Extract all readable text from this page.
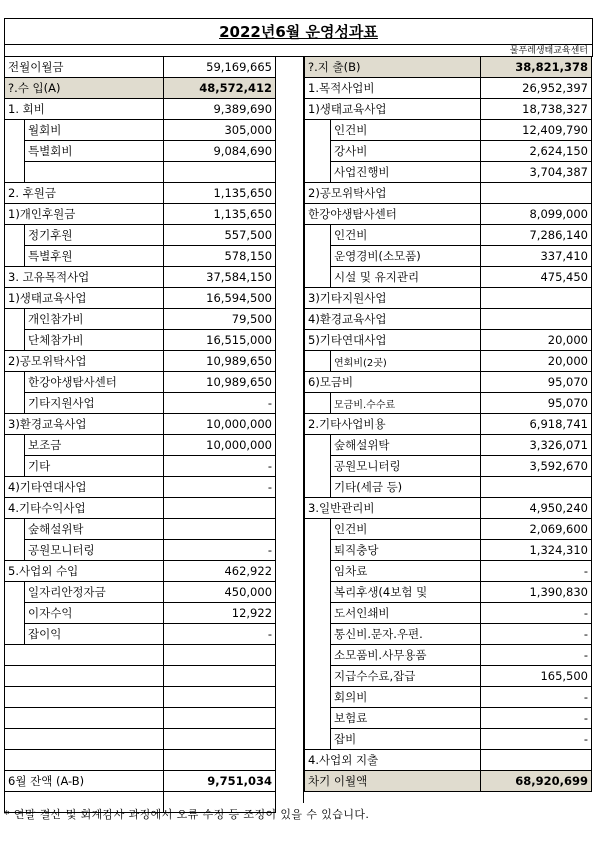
2022년6월 운영성과표
물푸레생태교육센터
전월이월금		59,169,665
?.수 입(A)		48,572,412
1. 회비		9,389,690
	월회비	305,000
	특별회비	9,084,690

2. 후원금		1,135,650
1)개인후원금		1,135,650
	정기후원	557,500
	특별후원	578,150
3. 고유목적사업		37,584,150
1)생태교육사업		16,594,500
	개인참가비	79,500
	단체참가비	16,515,000
2)공모위탁사업		10,989,650
	한강야생탐사센터	10,989,650
	기타지원사업	-
3)환경교육사업		10,000,000
	보조금	10,000,000
	기타	-
4)기타연대사업		-
4.기타수익사업		
	숲해설위탁	
	공원모니터링	-
5.사업외 수입		462,922
	일자리안정자금	450,000
	이자수익	12,922
	잡이익	-

6월 잔액 (A-B)		9,751,034

?.지 출(B)		38,821,378
1.목적사업비		26,952,397
1)생태교육사업		18,738,327
	인건비	12,409,790
	강사비	2,624,150
	사업진행비	3,704,387
2)공모위탁사업		
한강야생탐사센터		8,099,000
	인건비	7,286,140
	운영경비(소모품)	337,410
	시설 및 유지관리	475,450
3)기타지원사업		
4)환경교육사업		
5)기타연대사업		20,000
	연회비(2곳)	20,000
6)모금비		95,070
	모금비.수수료	95,070
2.기타사업비용		6,918,741
	숲해설위탁	3,326,071
	공원모니터링	3,592,670
	기타(세금 등)	
3.일반관리비		4,950,240
	인건비	2,069,600
	퇴직충당	1,324,310
	임차료	-
	복리후생(4보험 및	1,390,830
	도서인쇄비	-
	통신비.문자.우편.	-
	소모품비.사무용품	-
	지급수수료,잡급	165,500
	회의비	-
	보험료	-
	잡비	-
4.사업외 지출		
차기 이월액		68,920,699
* 연말 결산 및 회계감사 과정에서 오류 수정 등 조정이 있을 수 있습니다.
